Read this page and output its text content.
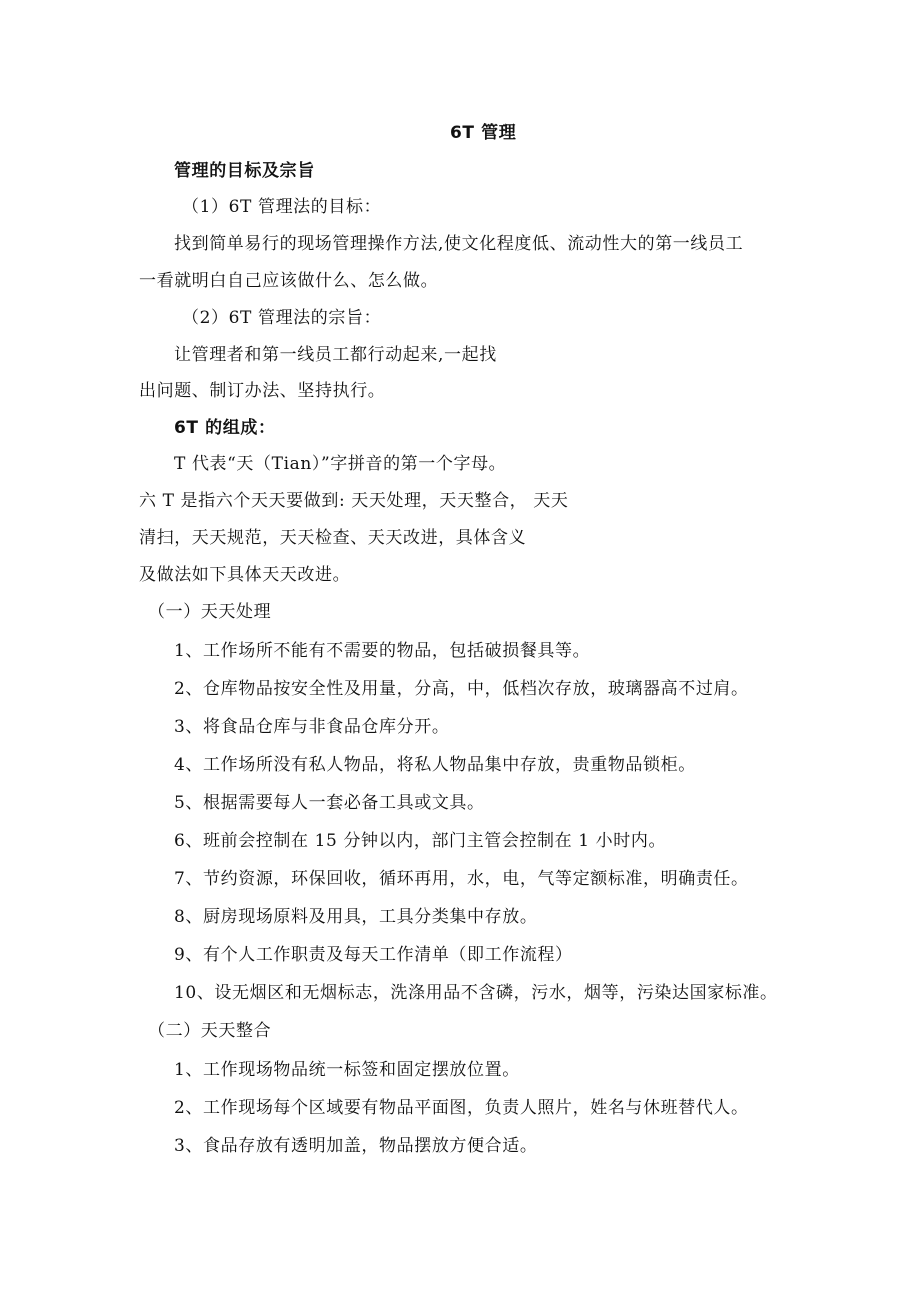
6T 管理
管理的目标及宗旨
（1）6T 管理法的目标：
找到简单易行的现场管理操作方法,使文化程度低、流动性大的第一线员工
一看就明白自己应该做什么、怎么做。
（2）6T 管理法的宗旨：
让管理者和第一线员工都行动起来,一起找
出问题、制订办法、坚持执行。
6T 的组成：
T 代表“天（Tian）”字拼音的第一个字母。
六 T 是指六个天天要做到: 天天处理，天天整合， 天天
清扫，天天规范，天天检查、天天改进，具体含义
及做法如下具体天天改进。
（一）天天处理
1、工作场所不能有不需要的物品，包括破损餐具等。
2、仓库物品按安全性及用量，分高，中，低档次存放，玻璃器高不过肩。
3、将食品仓库与非食品仓库分开。
4、工作场所没有私人物品，将私人物品集中存放，贵重物品锁柜。
5、根据需要每人一套必备工具或文具。
6、班前会控制在 15 分钟以内，部门主管会控制在 1 小时内。
7、节约资源，环保回收，循环再用，水，电，气等定额标准，明确责任。
8、厨房现场原料及用具，工具分类集中存放。
9、有个人工作职责及每天工作清单（即工作流程）
10、设无烟区和无烟标志，洗涤用品不含磷，污水，烟等，污染达国家标准。
（二）天天整合
1、工作现场物品统一标签和固定摆放位置。
2、工作现场每个区域要有物品平面图，负责人照片，姓名与休班替代人。
3、食品存放有透明加盖，物品摆放方便合适。
